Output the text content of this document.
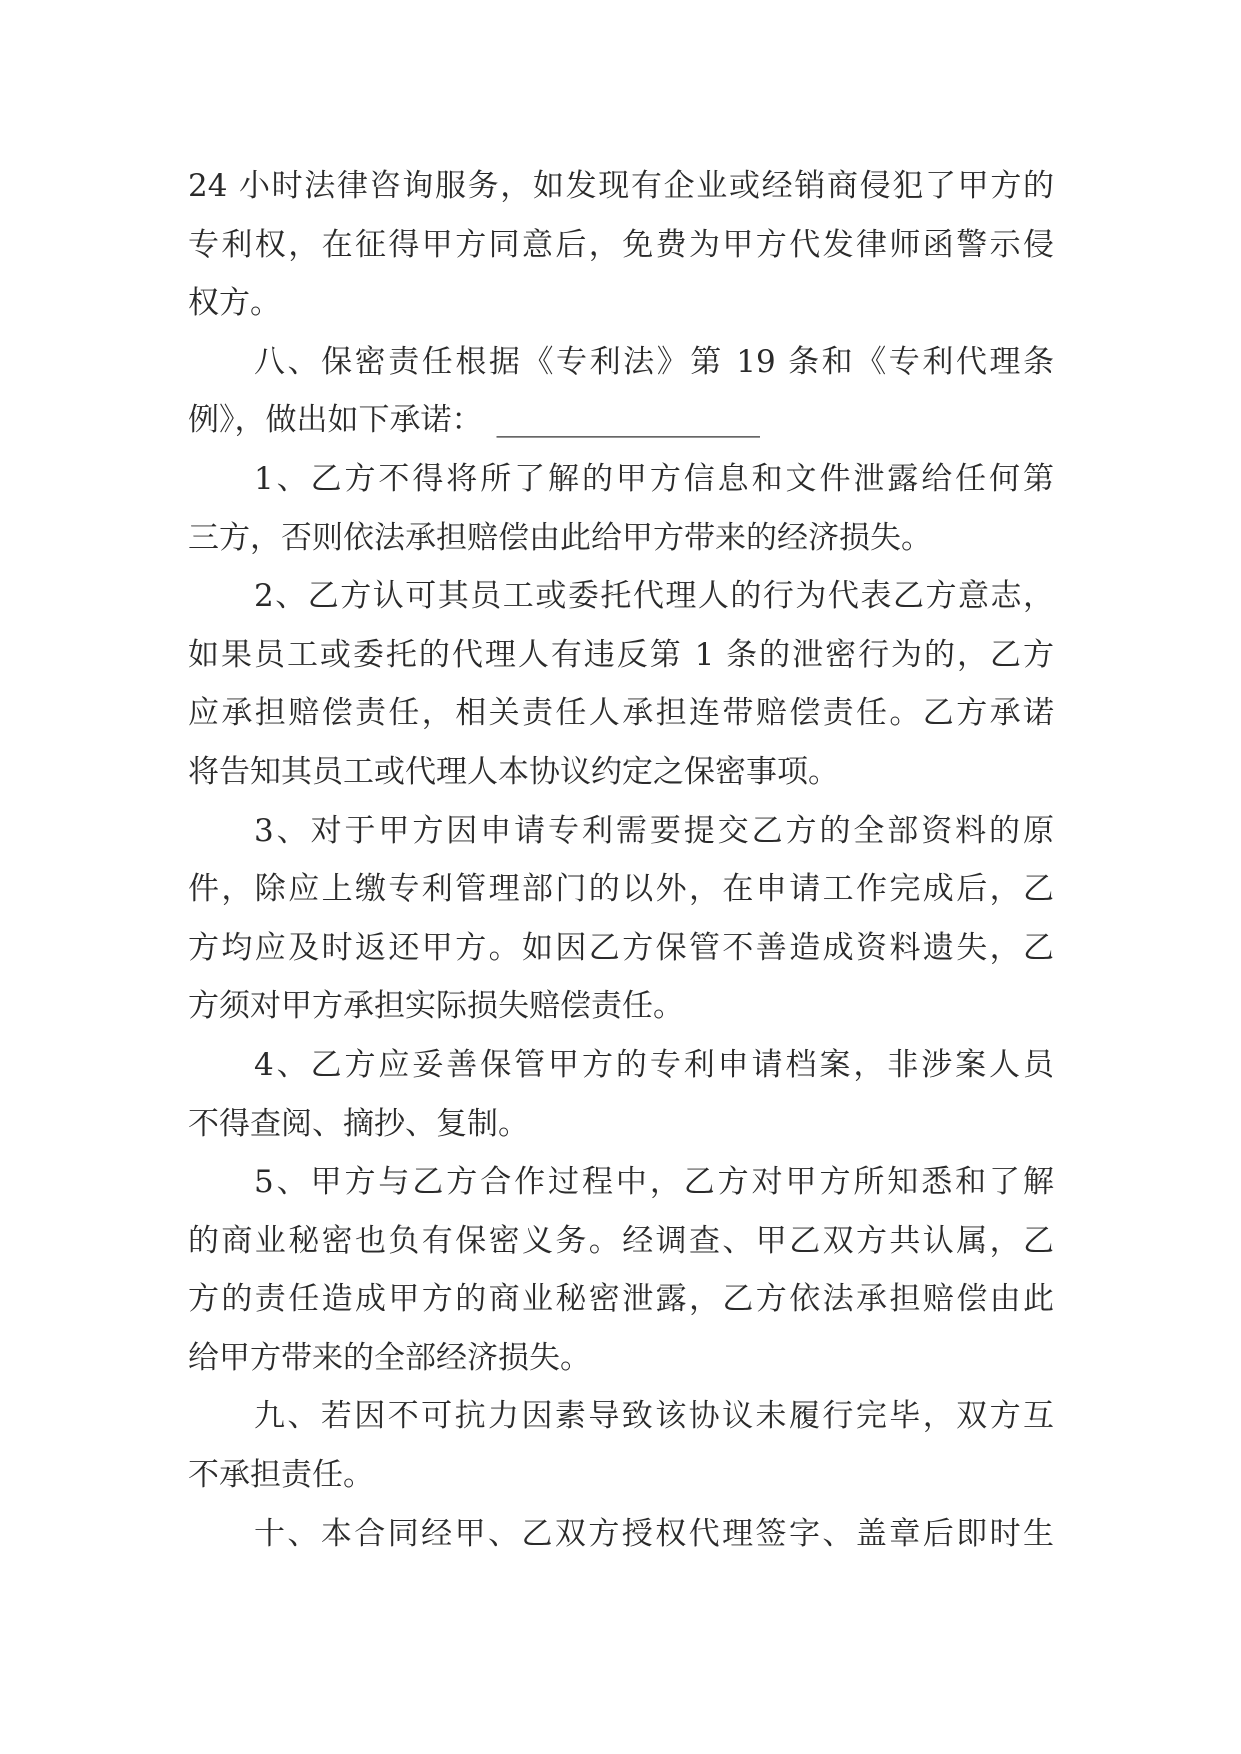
24 小时法律咨询服务，如发现有企业或经销商侵犯了甲方的
专利权，在征得甲方同意后，免费为甲方代发律师函警示侵
权方。
八、保密责任根据《专利法》第 19 条和《专利代理条
例》，做出如下承诺： _________________
1、乙方不得将所了解的甲方信息和文件泄露给任何第
三方，否则依法承担赔偿由此给甲方带来的经济损失。
2、乙方认可其员工或委托代理人的行为代表乙方意志，
如果员工或委托的代理人有违反第 1 条的泄密行为的，乙方
应承担赔偿责任，相关责任人承担连带赔偿责任。乙方承诺
将告知其员工或代理人本协议约定之保密事项。
3、对于甲方因申请专利需要提交乙方的全部资料的原
件，除应上缴专利管理部门的以外，在申请工作完成后，乙
方均应及时返还甲方。如因乙方保管不善造成资料遗失，乙
方须对甲方承担实际损失赔偿责任。
4、乙方应妥善保管甲方的专利申请档案，非涉案人员
不得查阅、摘抄、复制。
5、甲方与乙方合作过程中，乙方对甲方所知悉和了解
的商业秘密也负有保密义务。经调查、甲乙双方共认属，乙
方的责任造成甲方的商业秘密泄露，乙方依法承担赔偿由此
给甲方带来的全部经济损失。
九、若因不可抗力因素导致该协议未履行完毕，双方互
不承担责任。
十、本合同经甲、乙双方授权代理签字、盖章后即时生
